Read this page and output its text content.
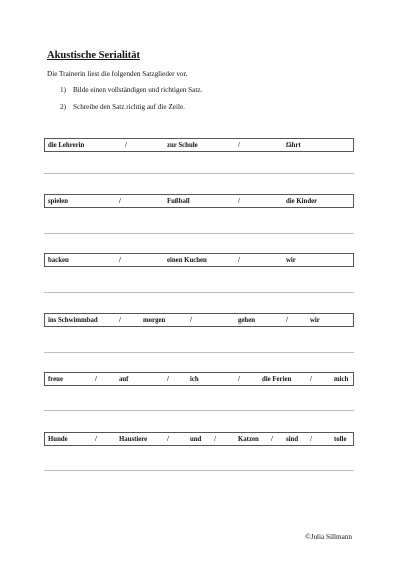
Akustische Serialität

Die Trainerin liest die folgenden Satzglieder vor.

1) Bilde einen vollständigen und richtigen Satz.
2) Schreibe den Satz richtig auf die Zeile.
die Lehrerin	/	zur Schule	/	fährt
spielen	/	Fußball	/	die Kinder
backen	/	einen Kuchen	/	wir
ins Schwimmbad	/	morgen	/	gehen	/	wir
freue	/	auf	/	ich	/	die Ferien	/	mich
Hunde	/	Haustiere	/	und /	Katzen / sind /	tolle

©Julia Sillmann
